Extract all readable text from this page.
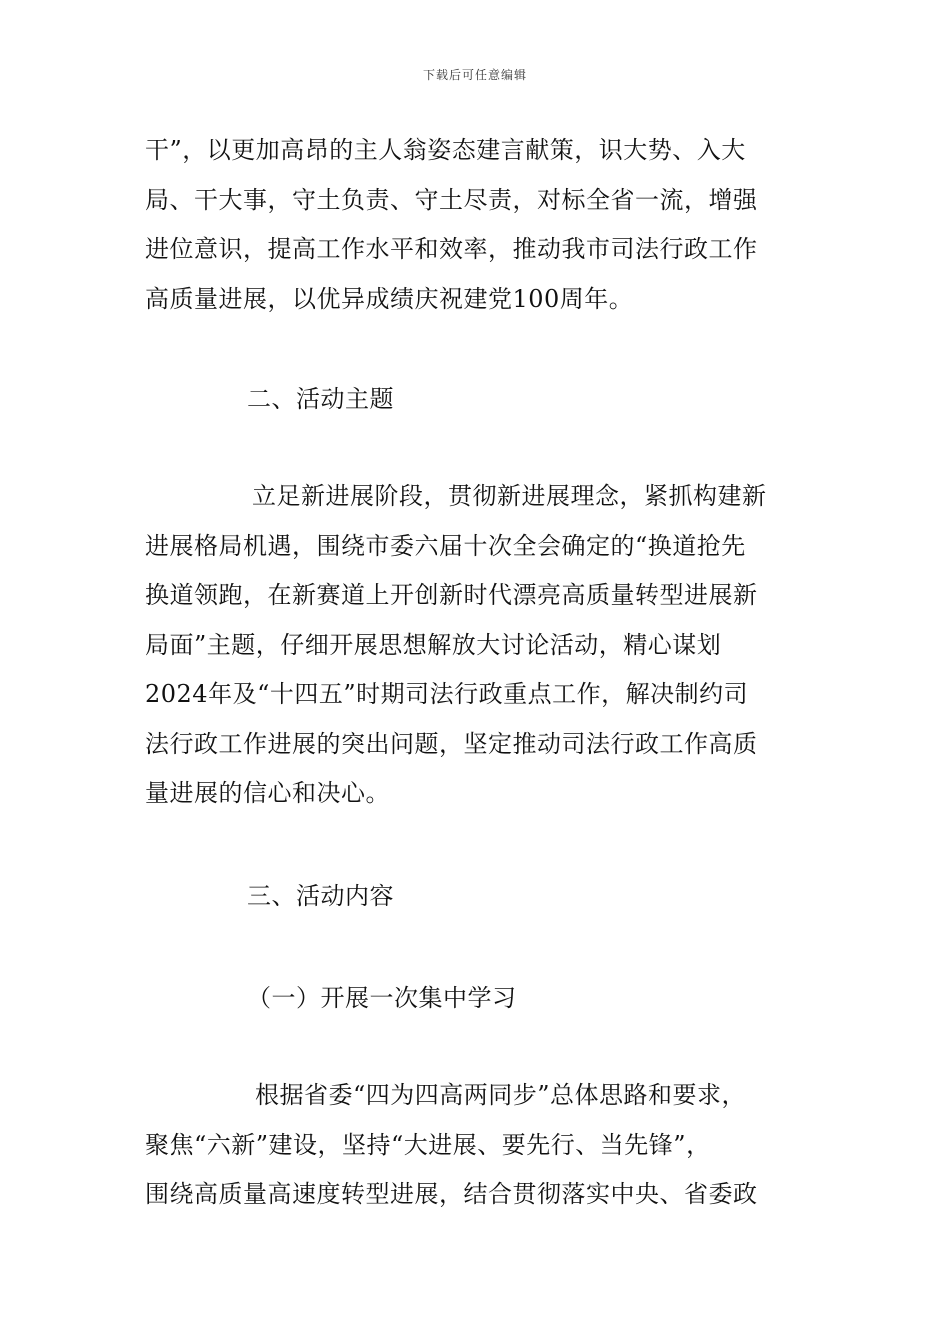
下载后可任意编辑
干”，以更加高昂的主人翁姿态建言献策，识大势、入大
局、干大事，守土负责、守土尽责，对标全省一流，增强
进位意识，提高工作水平和效率，推动我市司法行政工作
高质量进展，以优异成绩庆祝建党100周年。
二、活动主题
立足新进展阶段，贯彻新进展理念，紧抓构建新
进展格局机遇，围绕市委六届十次全会确定的“换道抢先
换道领跑，在新赛道上开创新时代漂亮高质量转型进展新
局面”主题，仔细开展思想解放大讨论活动，精心谋划
2024年及“十四五”时期司法行政重点工作，解决制约司
法行政工作进展的突出问题，坚定推动司法行政工作高质
量进展的信心和决心。
三、活动内容
（一）开展一次集中学习
根据省委“四为四高两同步”总体思路和要求，
聚焦“六新”建设，坚持“大进展、要先行、当先锋”，
围绕高质量高速度转型进展，结合贯彻落实中央、省委政
